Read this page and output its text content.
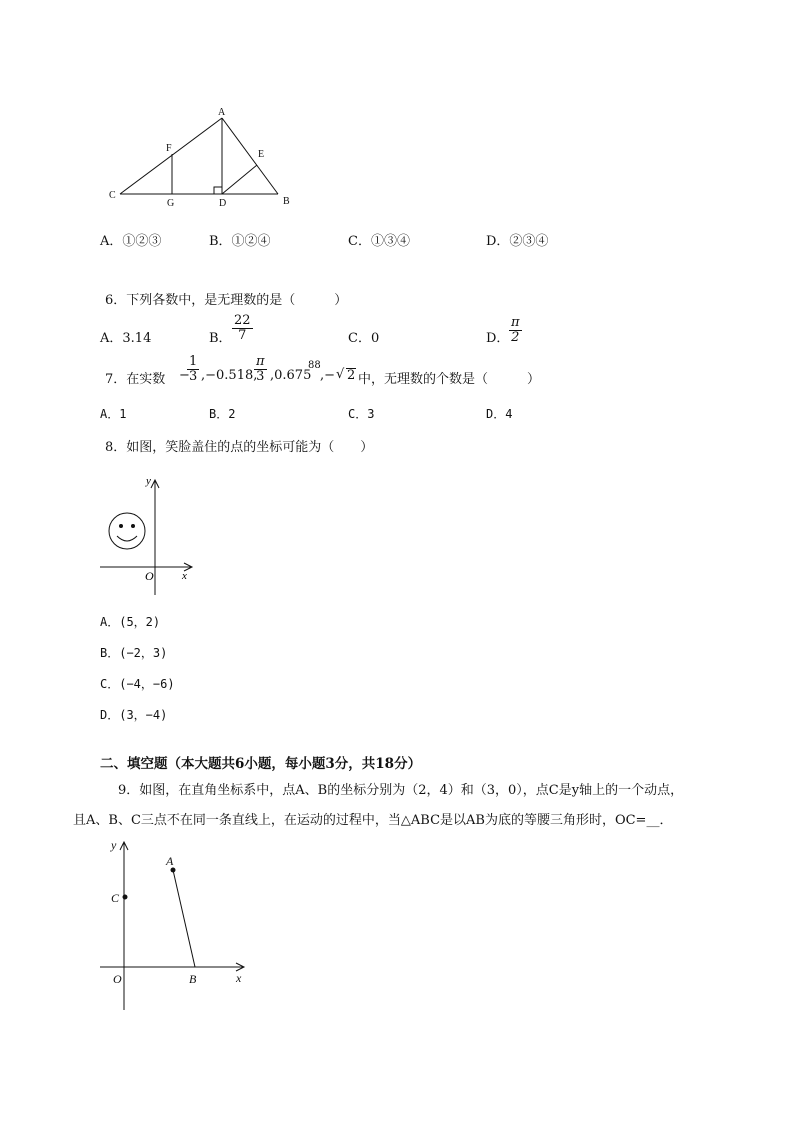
A
B
C
D
E
F
G
A．①②③	B．①②④	C．①③④	D．②③④
6．下列各数中，是无理数的是（　　　）
A．3.14	B． $\frac{22}{7}$	C．0	D． $\frac{\pi}{2}$
7．在实数 −
$\frac{1}{3} ,-0.518$,
$\frac{\pi}{3} ,0.675$
88
,− √ 2 中，无理数的个数是（　　　）
A．1	B．2	C．3	D．4
8．如图，笑脸盖住的点的坐标可能为（　　）
O
y
x
A．(5，2)
B．(−2，3)
C．(−4，−6)
D．(3，−4)
二、填空题（本大题共6小题，每小题3分，共18分）
9．如图，在直角坐标系中，点A、B的坐标分别为（2，4）和（3，0），点C是y轴上的一个动点，
且A、B、C三点不在同一条直线上，在运动的过程中，当△ABC是以AB为底的等腰三角形时，OC=__．
y
x
O
A
B
C
